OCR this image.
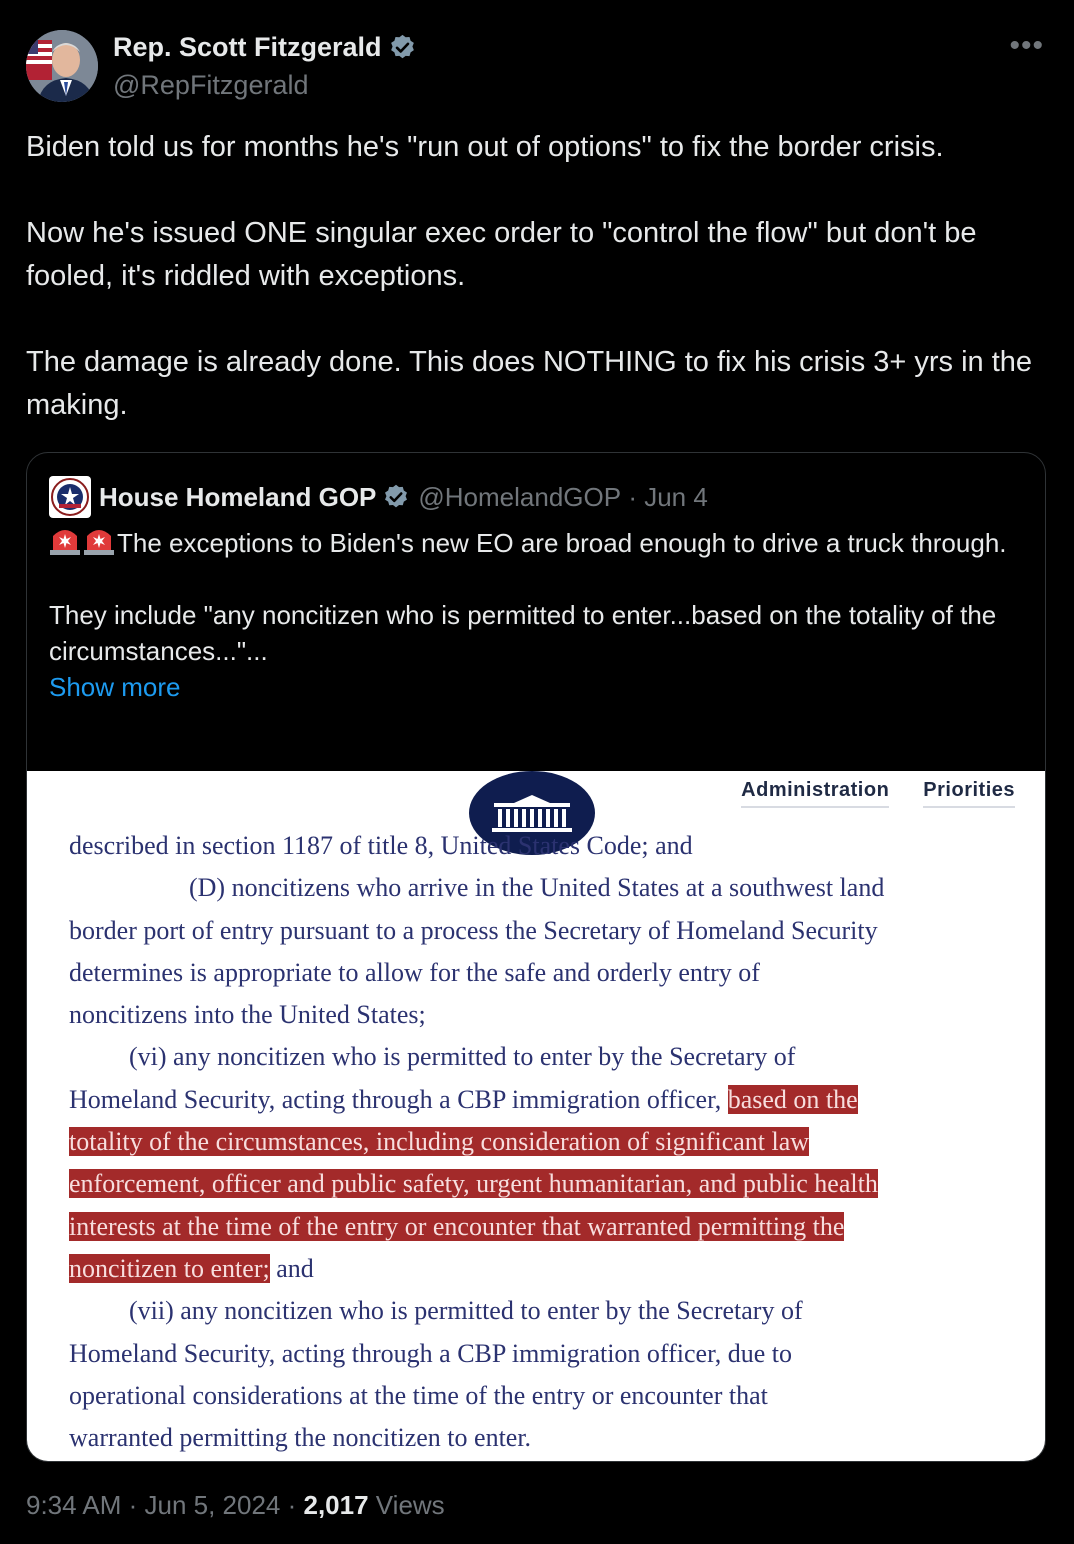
Rep. Scott Fitzgerald
@RepFitzgerald
•••

Biden told us for months he's "run out of options" to fix the border crisis.

Now he's issued ONE singular exec order to "control the flow" but don't be fooled, it's riddled with exceptions.

The damage is already done. This does NOTHING to fix his crisis 3+ yrs in the making.

House Homeland GOP @HomelandGOP · Jun 4

The exceptions to Biden's new EO are broad enough to drive a truck through.

They include "any noncitizen who is permitted to enter...based on the totality of the circumstances..."...
Show more

Administration Priorities
described in section 1187 of title 8, United States Code; and
(D) noncitizens who arrive in the United States at a southwest land
border port of entry pursuant to a process the Secretary of Homeland Security
determines is appropriate to allow for the safe and orderly entry of
noncitizens into the United States;
(vi) any noncitizen who is permitted to enter by the Secretary of
Homeland Security, acting through a CBP immigration officer, based on the
totality of the circumstances, including consideration of significant law
enforcement, officer and public safety, urgent humanitarian, and public health
interests at the time of the entry or encounter that warranted permitting the
noncitizen to enter; and
(vii) any noncitizen who is permitted to enter by the Secretary of
Homeland Security, acting through a CBP immigration officer, due to
operational considerations at the time of the entry or encounter that
warranted permitting the noncitizen to enter.
9:34 AM · Jun 5, 2024 · 2,017 Views
